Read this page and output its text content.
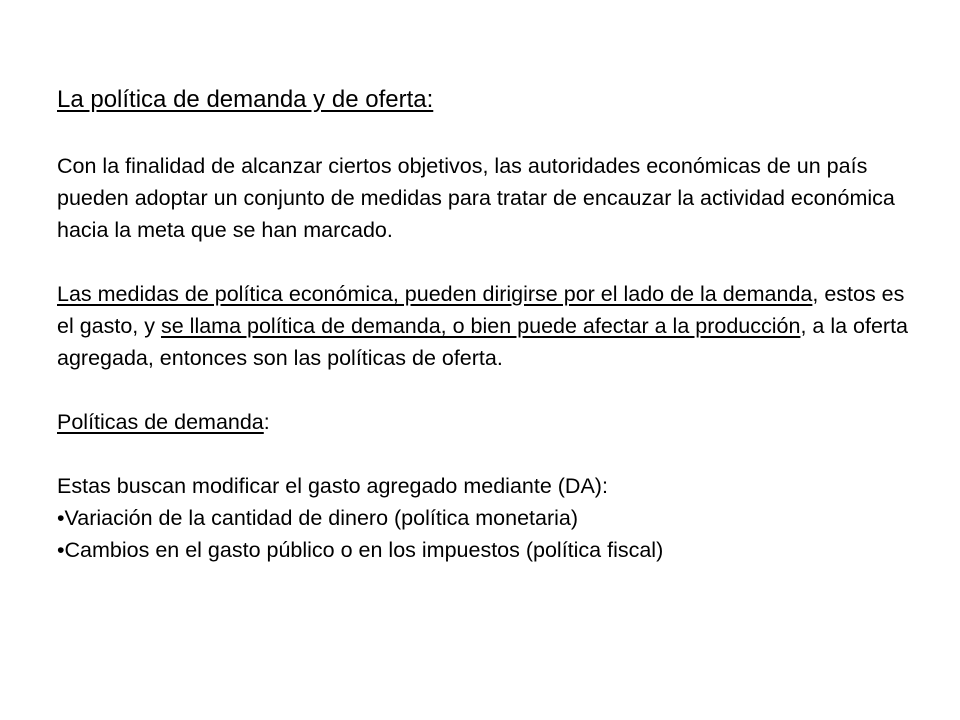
La política de demanda y de oferta:

Con la finalidad de alcanzar ciertos objetivos, las autoridades económicas de un país pueden adoptar un conjunto de medidas para tratar de encauzar la actividad económica hacia la meta que se han marcado.

Las medidas de política económica, pueden dirigirse por el lado de la demanda, estos es el gasto, y se llama política de demanda, o bien puede afectar a la producción, a la oferta agregada, entonces son las políticas de oferta.

Políticas de demanda:

Estas buscan modificar el gasto agregado mediante (DA):
•Variación de la cantidad de dinero (política monetaria)
•Cambios en el gasto público o en los impuestos (política fiscal)
